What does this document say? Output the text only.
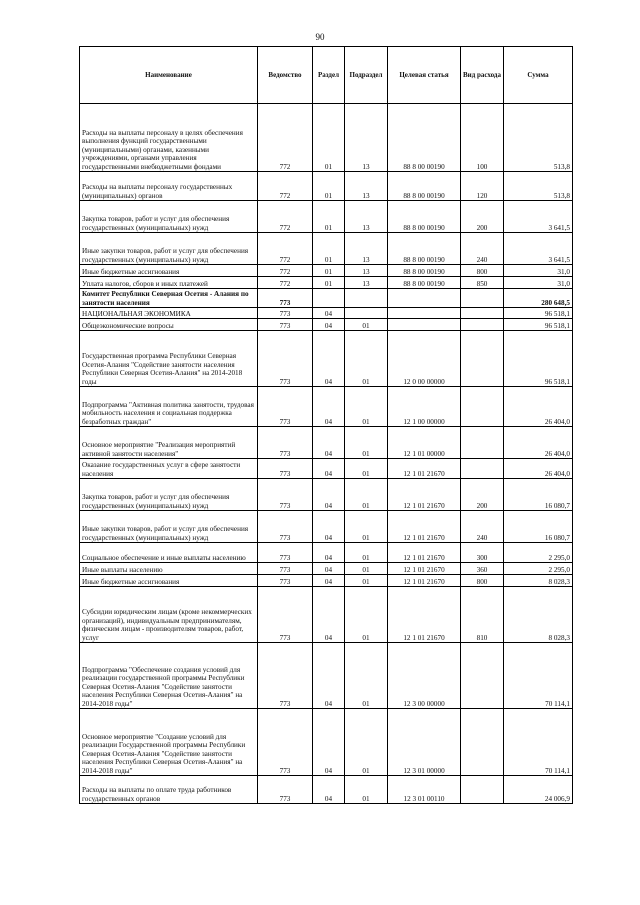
90
Наименование	Ведомство	Раздел	Подраздел	Целевая статья	Вид расхода	Сумма
Расходы на выплаты персоналу в целях обеспечения выполнения функций государственными (муниципальными) органами, казенными учреждениями, органами управления государственными внебюджетными фондами	772	01	13	88 8 00 00190	100	513,8
Расходы на выплаты персоналу государственных (муниципальных) органов	772	01	13	88 8 00 00190	120	513,8
Закупка товаров, работ и услуг для обеспечения государственных (муниципальных) нужд	772	01	13	88 8 00 00190	200	3 641,5
Иные закупки товаров, работ и услуг для обеспечения государственных (муниципальных) нужд	772	01	13	88 8 00 00190	240	3 641,5
Иные бюджетные ассигнования	772	01	13	88 8 00 00190	800	31,0
Уплата налогов, сборов и иных платежей	772	01	13	88 8 00 00190	850	31,0
Комитет Республики Северная Осетия - Алания по занятости населения	773					280 648,5
НАЦИОНАЛЬНАЯ ЭКОНОМИКА	773	04				96 518,1
Общеэкономические вопросы	773	04	01			96 518,1
Государственная программа Республики Северная Осетия-Алания "Содействие занятости населения Республики Северная Осетия-Алания" на 2014-2018 годы	773	04	01	12 0 00 00000		96 518,1
Подпрограмма "Активная политика занятости, трудовая мобильность населения и социальная поддержка безработных граждан"	773	04	01	12 1 00 00000		26 404,0
Основное мероприятие "Реализация мероприятий активной занятости населения"	773	04	01	12 1 01 00000		26 404,0
Оказание государственных услуг в сфере занятости населения	773	04	01	12 1 01 21670		26 404,0
Закупка товаров, работ и услуг для обеспечения государственных (муниципальных) нужд	773	04	01	12 1 01 21670	200	16 080,7
Иные закупки товаров, работ и услуг для обеспечения государственных (муниципальных) нужд	773	04	01	12 1 01 21670	240	16 080,7
Социальное обеспечение и иные выплаты населению	773	04	01	12 1 01 21670	300	2 295,0
Иные выплаты населению	773	04	01	12 1 01 21670	360	2 295,0
Иные бюджетные ассигнования	773	04	01	12 1 01 21670	800	8 028,3
Субсидии юридическим лицам (кроме некоммерческих организаций), индивидуальным предпринимателям, физическим лицам - производителям товаров, работ, услуг	773	04	01	12 1 01 21670	810	8 028,3
Подпрограмма "Обеспечение создания условий для реализации государственной программы Республики Северная Осетия-Алания "Содействие занятости населения Республики Северная Осетия-Алания" на 2014-2018 годы"	773	04	01	12 3 00 00000		70 114,1
Основное мероприятие "Создание условий для реализации Государственной программы Республики Северная Осетия-Алания "Содействие занятости населения Республики Северная Осетия-Алания" на 2014-2018 годы"	773	04	01	12 3 01 00000		70 114,1
Расходы на выплаты по оплате труда работников государственных органов	773	04	01	12 3 01 00110		24 006,9
